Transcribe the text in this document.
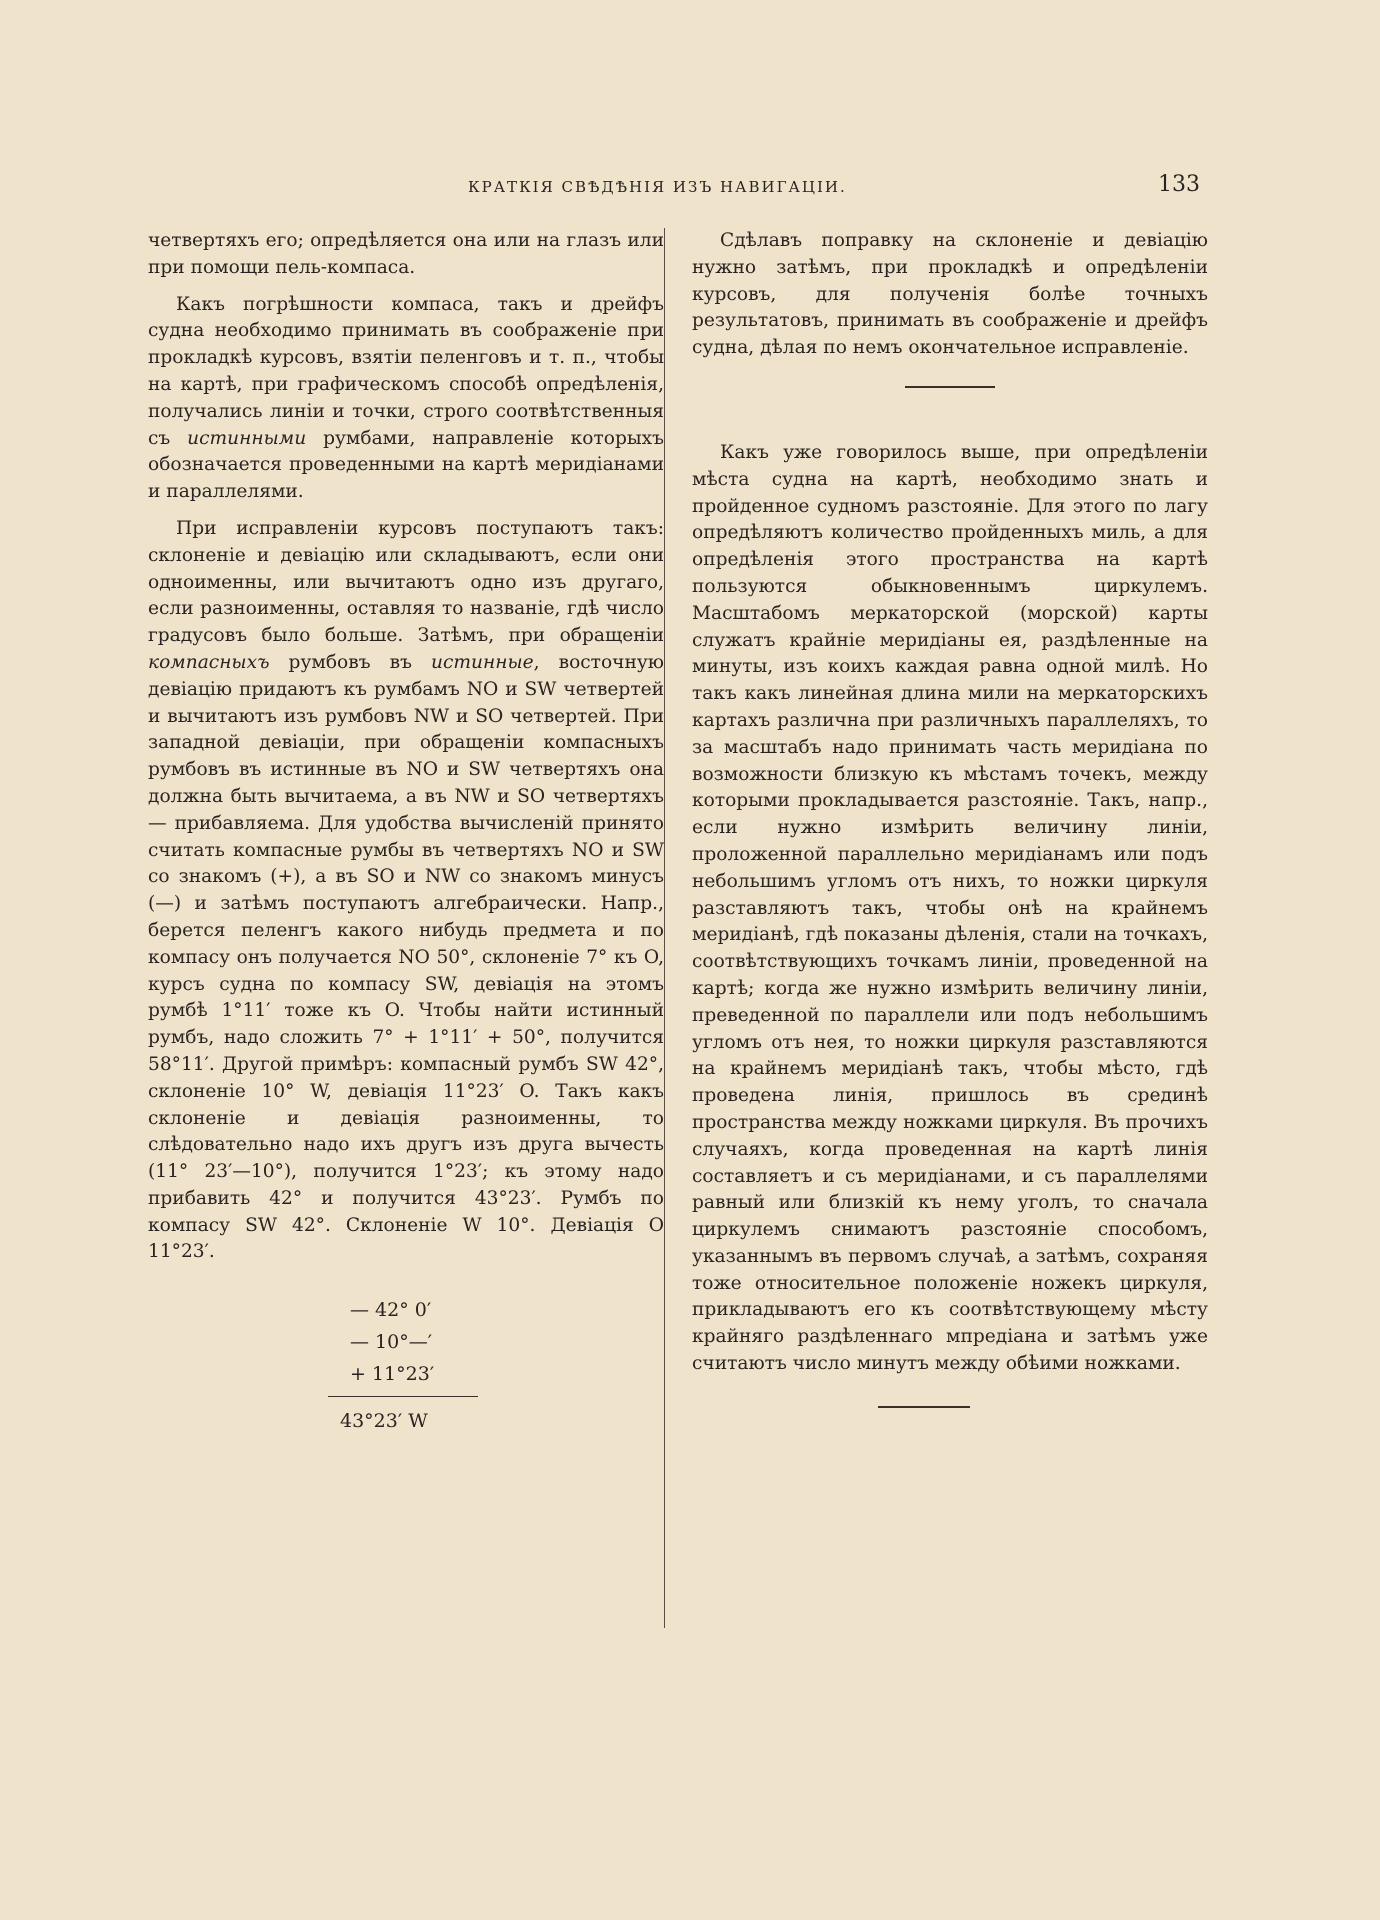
КРАТКІЯ СВѢДѢНІЯ ИЗЪ НАВИГАЦІИ.	133

четвертяхъ его; опредѣляется она или на глазъ или при помощи пель-компаса.

Какъ погрѣшности компаса, такъ и дрейфъ судна необходимо принимать въ соображеніе при прокладкѣ курсовъ, взятіи пеленговъ и т. п., чтобы на картѣ, при графическомъ способѣ опредѣленія, получались линіи и точки, строго соотвѣтственныя съ истинными румбами, направленіе которыхъ обозначается проведенными на картѣ меридіанами и параллелями.

При исправленіи курсовъ поступаютъ такъ: склоненіе и девіацію или складываютъ, если они одноименны, или вычитаютъ одно изъ другаго, если разноименны, оставляя то названіе, гдѣ число градусовъ было больше. Затѣмъ, при обращеніи компасныхъ румбовъ въ истинные, восточную девіацію придаютъ къ румбамъ NO и SW четвертей и вычитаютъ изъ румбовъ NW и SO четвертей. При западной девіаціи, при обращеніи компасныхъ румбовъ въ истинные въ NO и SW четвертяхъ она должна быть вычитаема, а въ NW и SO четвертяхъ — прибавляема. Для удобства вычисленій принято считать компасные румбы въ четвертяхъ NO и SW со знакомъ (+), а въ SO и NW со знакомъ минусъ (—) и затѣмъ поступаютъ алгебраически. Напр., берется пеленгъ какого нибудь предмета и по компасу онъ получается NO 50°, склоненіе 7° къ O, курсъ судна по компасу SW, девіація на этомъ румбѣ 1°11′ тоже къ O. Чтобы найти истинный румбъ, надо сложить 7° + 1°11′ + 50°, получится 58°11′. Другой примѣръ: компасный румбъ SW 42°, склоненіе 10° W, девіація 11°23′ O. Такъ какъ склоненіе и девіація разноименны, то слѣдовательно надо ихъ другъ изъ друга вычесть (11° 23′—10°), получится 1°23′; къ этому надо прибавить 42° и получится 43°23′. Румбъ по компасу SW 42°. Склоненіе W 10°. Девіація O 11°23′.

— 42° 0′
— 10°—′
+ 11°23′
43°23′ W

Сдѣлавъ поправку на склоненіе и девіацію нужно затѣмъ, при прокладкѣ и опредѣленіи курсовъ, для полученія болѣе точныхъ результатовъ, принимать въ соображеніе и дрейфъ судна, дѣлая по немъ окончательное исправленіе.

Какъ уже говорилось выше, при опредѣленіи мѣста судна на картѣ, необходимо знать и пройденное судномъ разстояніе. Для этого по лагу опредѣляютъ количество пройденныхъ миль, а для опредѣленія этого пространства на картѣ пользуются обыкновеннымъ циркулемъ. Масштабомъ меркаторской (морской) карты служатъ крайніе меридіаны ея, раздѣленные на минуты, изъ коихъ каждая равна одной милѣ. Но такъ какъ линейная длина мили на меркаторскихъ картахъ различна при различныхъ параллеляхъ, то за масштабъ надо принимать часть меридіана по возможности близкую къ мѣстамъ точекъ, между которыми прокладывается разстояніе. Такъ, напр., если нужно измѣрить величину линіи, проложенной параллельно меридіанамъ или подъ небольшимъ угломъ отъ нихъ, то ножки циркуля разставляютъ такъ, чтобы онѣ на крайнемъ меридіанѣ, гдѣ показаны дѣленія, стали на точкахъ, соотвѣтствующихъ точкамъ линіи, проведенной на картѣ; когда же нужно измѣрить величину линіи, преведенной по параллели или подъ небольшимъ угломъ отъ нея, то ножки циркуля разставляются на крайнемъ меридіанѣ такъ, чтобы мѣсто, гдѣ проведена линія, пришлось въ срединѣ пространства между ножками циркуля. Въ прочихъ случаяхъ, когда проведенная на картѣ линія составляетъ и съ меридіанами, и съ параллелями равный или близкій къ нему уголъ, то сначала циркулемъ снимаютъ разстояніе способомъ, указаннымъ въ первомъ случаѣ, а затѣмъ, сохраняя тоже относительное положеніе ножекъ циркуля, прикладываютъ его къ соотвѣтствующему мѣсту крайняго раздѣленнаго мпредіана и затѣмъ уже считаютъ число минутъ между обѣими ножками.
